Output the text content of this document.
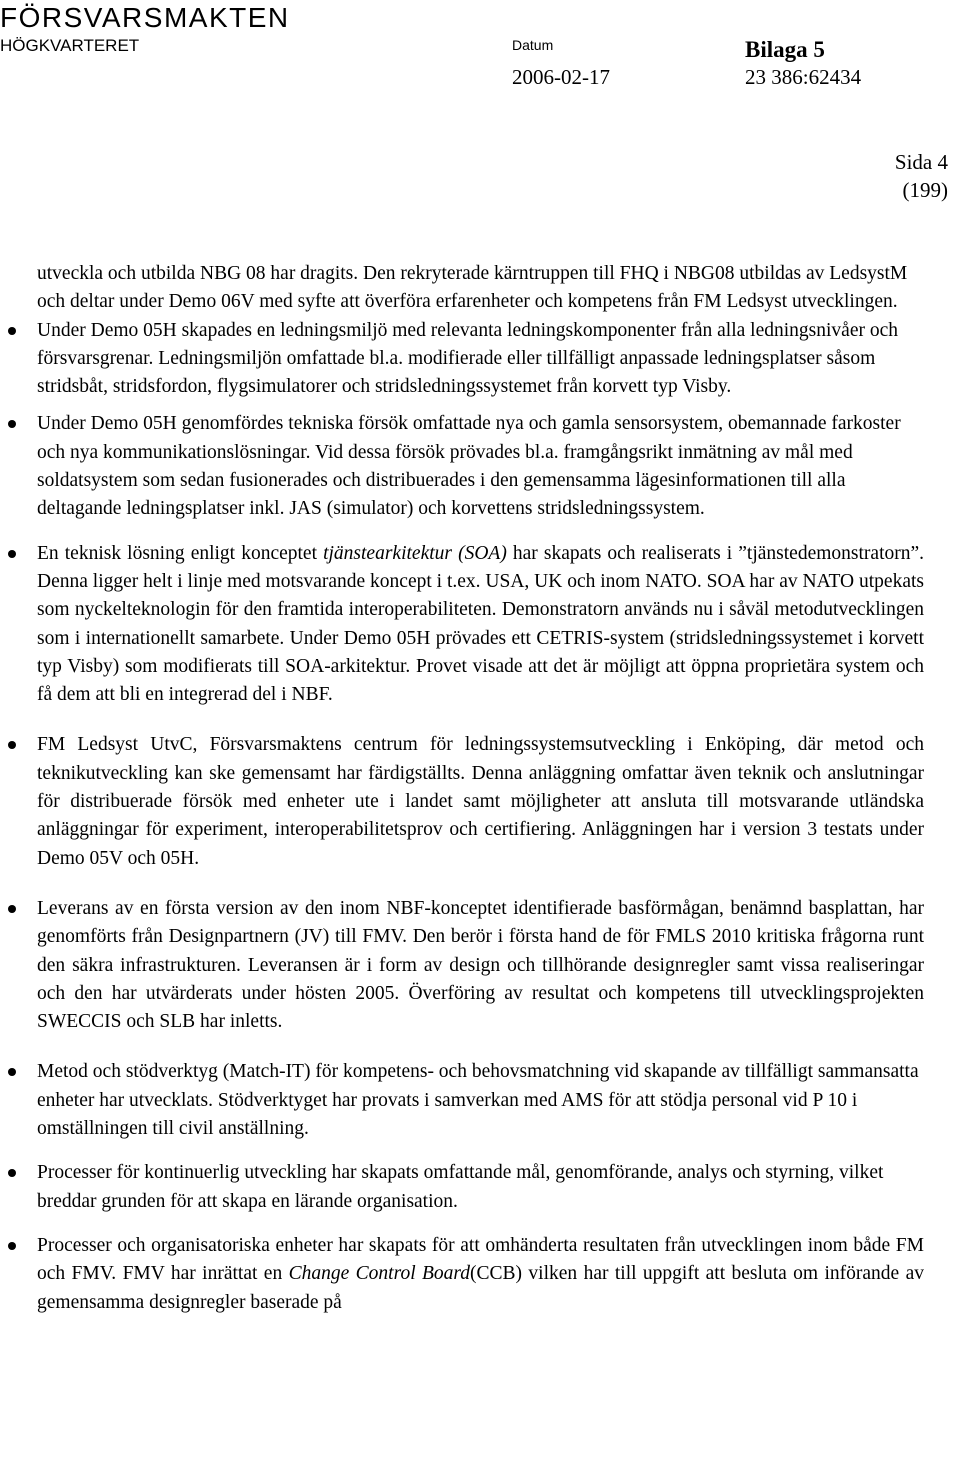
FÖRSVARSMAKTEN
HÖGKVARTERET	Datum	Bilaga 5
2006-02-17	23 386:62434
Sida 4
(199)

utveckla och utbilda NBG 08 har dragits. Den rekryterade kärntruppen till FHQ i NBG08 utbildas av LedsystM och deltar under Demo 06V med syfte att överföra erfarenheter och kompetens från FM Ledsyst utvecklingen.

Under Demo 05H skapades en ledningsmiljö med relevanta ledningskomponenter från alla ledningsnivåer och försvarsgrenar. Ledningsmiljön omfattade bl.a. modifierade eller tillfälligt anpassade ledningsplatser såsom stridsbåt, stridsfordon, flygsimulatorer och stridsledningssystemet från korvett typ Visby.
Under Demo 05H genomfördes tekniska försök omfattade nya och gamla sensorsystem, obemannade farkoster och nya kommunikationslösningar. Vid dessa försök prövades bl.a. framgångsrikt inmätning av mål med soldatsystem som sedan fusionerades och distribuerades i den gemensamma lägesinformationen till alla deltagande ledningsplatser inkl. JAS (simulator) och korvettens stridsledningssystem.
En teknisk lösning enligt konceptet tjänstearkitektur (SOA) har skapats och realiserats i ”tjänstedemonstratorn”. Denna ligger helt i linje med motsvarande koncept i t.ex. USA, UK och inom NATO. SOA har av NATO utpekats som nyckelteknologin för den framtida interoperabiliteten. Demonstratorn används nu i såväl metodutvecklingen som i internationellt samarbete. Under Demo 05H prövades ett CETRIS-system (stridsledningssystemet i korvett typ Visby) som modifierats till SOA-arkitektur. Provet visade att det är möjligt att öppna proprietära system och få dem att bli en integrerad del i NBF.
FM Ledsyst UtvC, Försvarsmaktens centrum för ledningssystemsutveckling i Enköping, där metod och teknikutveckling kan ske gemensamt har färdigställts. Denna anläggning omfattar även teknik och anslutningar för distribuerade försök med enheter ute i landet samt möjligheter att ansluta till motsvarande utländska anläggningar för experiment, interoperabilitetsprov och certifiering. Anläggningen har i version 3 testats under Demo 05V och 05H.
Leverans av en första version av den inom NBF-konceptet identifierade basförmågan, benämnd basplattan, har genomförts från Designpartnern (JV) till FMV. Den berör i första hand de för FMLS 2010 kritiska frågorna runt den säkra infrastrukturen. Leveransen är i form av design och tillhörande designregler samt vissa realiseringar och den har utvärderats under hösten 2005. Överföring av resultat och kompetens till utvecklingsprojekten SWECCIS och SLB har inletts.
Metod och stödverktyg (Match-IT) för kompetens- och behovsmatchning vid skapande av tillfälligt sammansatta enheter har utvecklats. Stödverktyget har provats i samverkan med AMS för att stödja personal vid P 10 i omställningen till civil anställning.
Processer för kontinuerlig utveckling har skapats omfattande mål, genomförande, analys och styrning, vilket breddar grunden för att skapa en lärande organisation.
Processer och organisatoriska enheter har skapats för att omhänderta resultaten från utvecklingen inom både FM och FMV. FMV har inrättat en Change Control Board(CCB) vilken har till uppgift att besluta om införande av gemensamma designregler baserade på
